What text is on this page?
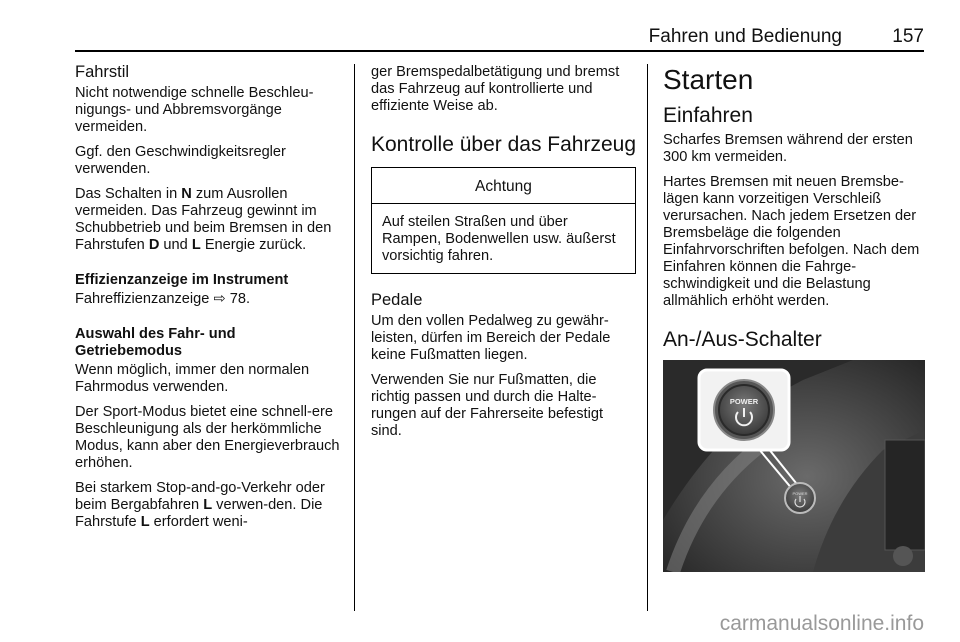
Fahren und Bedienung	157
Fahrstil

Nicht notwendige schnelle Beschleu-nigungs- und Abbremsvorgänge vermeiden.

Ggf. den Geschwindigkeitsregler verwenden.

Das Schalten in N zum Ausrollen vermeiden. Das Fahrzeug gewinnt im Schubbetrieb und beim Bremsen in den Fahrstufen D und L Energie zurück.

Effizienzanzeige im Instrument

Fahreffizienzanzeige ⇨ 78.

Auswahl des Fahr- und Getriebemodus

Wenn möglich, immer den normalen Fahrmodus verwenden.

Der Sport-Modus bietet eine schnell-ere Beschleunigung als der herkömmliche Modus, kann aber den Energieverbrauch erhöhen.

Bei starkem Stop-and-go-Verkehr oder beim Bergabfahren L verwen-den. Die Fahrstufe L erfordert weni-

ger Bremspedalbetätigung und bremst das Fahrzeug auf kontrollierte und effiziente Weise ab.

Kontrolle über das Fahrzeug
Achtung
Auf steilen Straßen und über Rampen, Bodenwellen usw. äußerst vorsichtig fahren.
Pedale

Um den vollen Pedalweg zu gewähr-leisten, dürfen im Bereich der Pedale keine Fußmatten liegen.

Verwenden Sie nur Fußmatten, die richtig passen und durch die Halte-rungen auf der Fahrerseite befestigt sind.

Starten
Einfahren

Scharfes Bremsen während der ersten 300 km vermeiden.

Hartes Bremsen mit neuen Bremsbe-lägen kann vorzeitigen Verschleiß verursachen. Nach jedem Ersetzen der Bremsbeläge die folgenden Einfahrvorschriften befolgen. Nach dem Einfahren können die Fahrge-schwindigkeit und die Belastung allmählich erhöht werden.

An-/Aus-Schalter
POWER
POWER
carmanualsonline.info
